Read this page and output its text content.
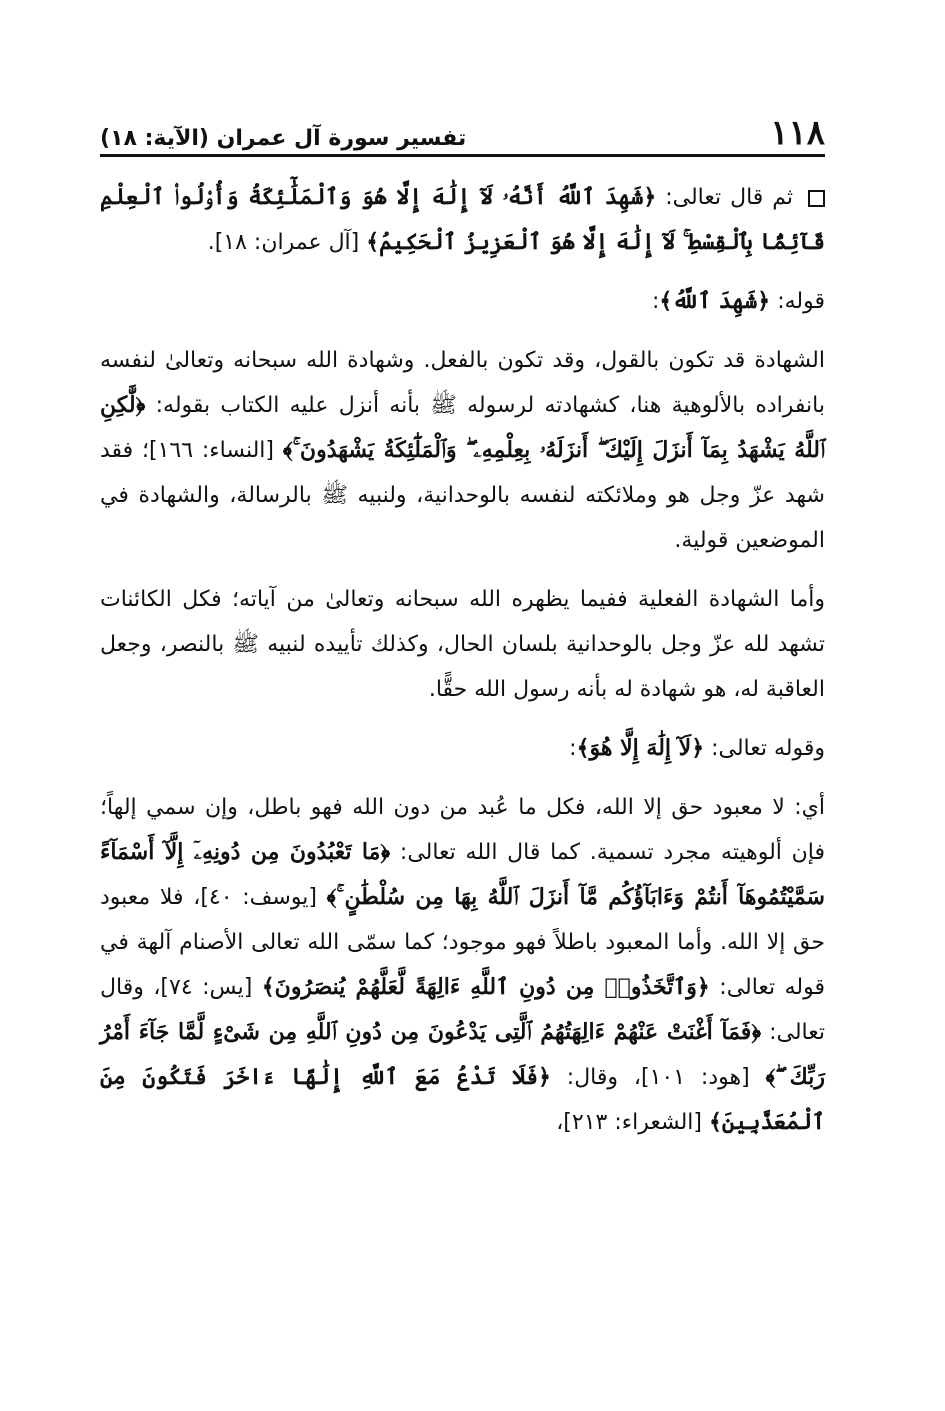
١١٨
تفسير سورة آل عمران (الآية: ١٨)

ثم قال تعالى: ﴿شَهِدَ ٱللَّهُ أَنَّهُۥ لَآ إِلَٰهَ إِلَّا هُوَ وَٱلْمَلَٰٓئِكَةُ وَأُو۟لُوا۟ ٱلْعِلْمِ قَآئِمًۢا بِٱلْقِسْطِ ۚ لَآ إِلَٰهَ إِلَّا هُوَ ٱلْعَزِيزُ ٱلْحَكِيمُ﴾ [آل عمران: ١٨].

قوله: ﴿شَهِدَ ٱللَّهُ﴾:

الشهادة قد تكون بالقول، وقد تكون بالفعل. وشهادة الله سبحانه وتعالىٰ لنفسه بانفراده بالألوهية هنا، كشهادته لرسوله ﷺ بأنه أنزل عليه الكتاب بقوله: ﴿لَّٰكِنِ ٱللَّهُ يَشْهَدُ بِمَآ أَنزَلَ إِلَيْكَ ۖ أَنزَلَهُۥ بِعِلْمِهِۦ ۖ وَٱلْمَلَٰٓئِكَةُ يَشْهَدُونَ ۚ﴾ [النساء: ١٦٦]؛ فقد شهد عزّ وجل هو وملائكته لنفسه بالوحدانية، ولنبيه ﷺ بالرسالة، والشهادة في الموضعين قولية.

وأما الشهادة الفعلية ففيما يظهره الله سبحانه وتعالىٰ من آياته؛ فكل الكائنات تشهد لله عزّ وجل بالوحدانية بلسان الحال، وكذلك تأييده لنبيه ﷺ بالنصر، وجعل العاقبة له، هو شهادة له بأنه رسول الله حقًّا.

وقوله تعالى: ﴿لَآ إِلَٰهَ إِلَّا هُوَ﴾:

أي: لا معبود حق إلا الله، فكل ما عُبد من دون الله فهو باطل، وإن سمي إلهاً؛ فإن ألوهيته مجرد تسمية. كما قال الله تعالى: ﴿مَا تَعْبُدُونَ مِن دُونِهِۦٓ إِلَّآ أَسْمَآءً سَمَّيْتُمُوهَآ أَنتُمْ وَءَابَآؤُكُم مَّآ أَنزَلَ ٱللَّهُ بِهَا مِن سُلْطَٰنٍ ۚ﴾ [يوسف: ٤٠]، فلا معبود حق إلا الله. وأما المعبود باطلاً فهو موجود؛ كما سمّى الله تعالى الأصنام آلهة في قوله تعالى: ﴿وَٱتَّخَذُوا۟ مِن دُونِ ٱللَّهِ ءَالِهَةً لَّعَلَّهُمْ يُنصَرُونَ﴾ [يس: ٧٤]، وقال تعالى: ﴿فَمَآ أَغْنَتْ عَنْهُمْ ءَالِهَتُهُمُ ٱلَّتِى يَدْعُونَ مِن دُونِ ٱللَّهِ مِن شَىْءٍ لَّمَّا جَآءَ أَمْرُ رَبِّكَ ۖ﴾ [هود: ١٠١]، وقال: ﴿فَلَا تَدْعُ مَعَ ٱللَّهِ إِلَٰهًا ءَاخَرَ فَتَكُونَ مِنَ ٱلْمُعَذَّبِينَ﴾ [الشعراء: ٢١٣]،
